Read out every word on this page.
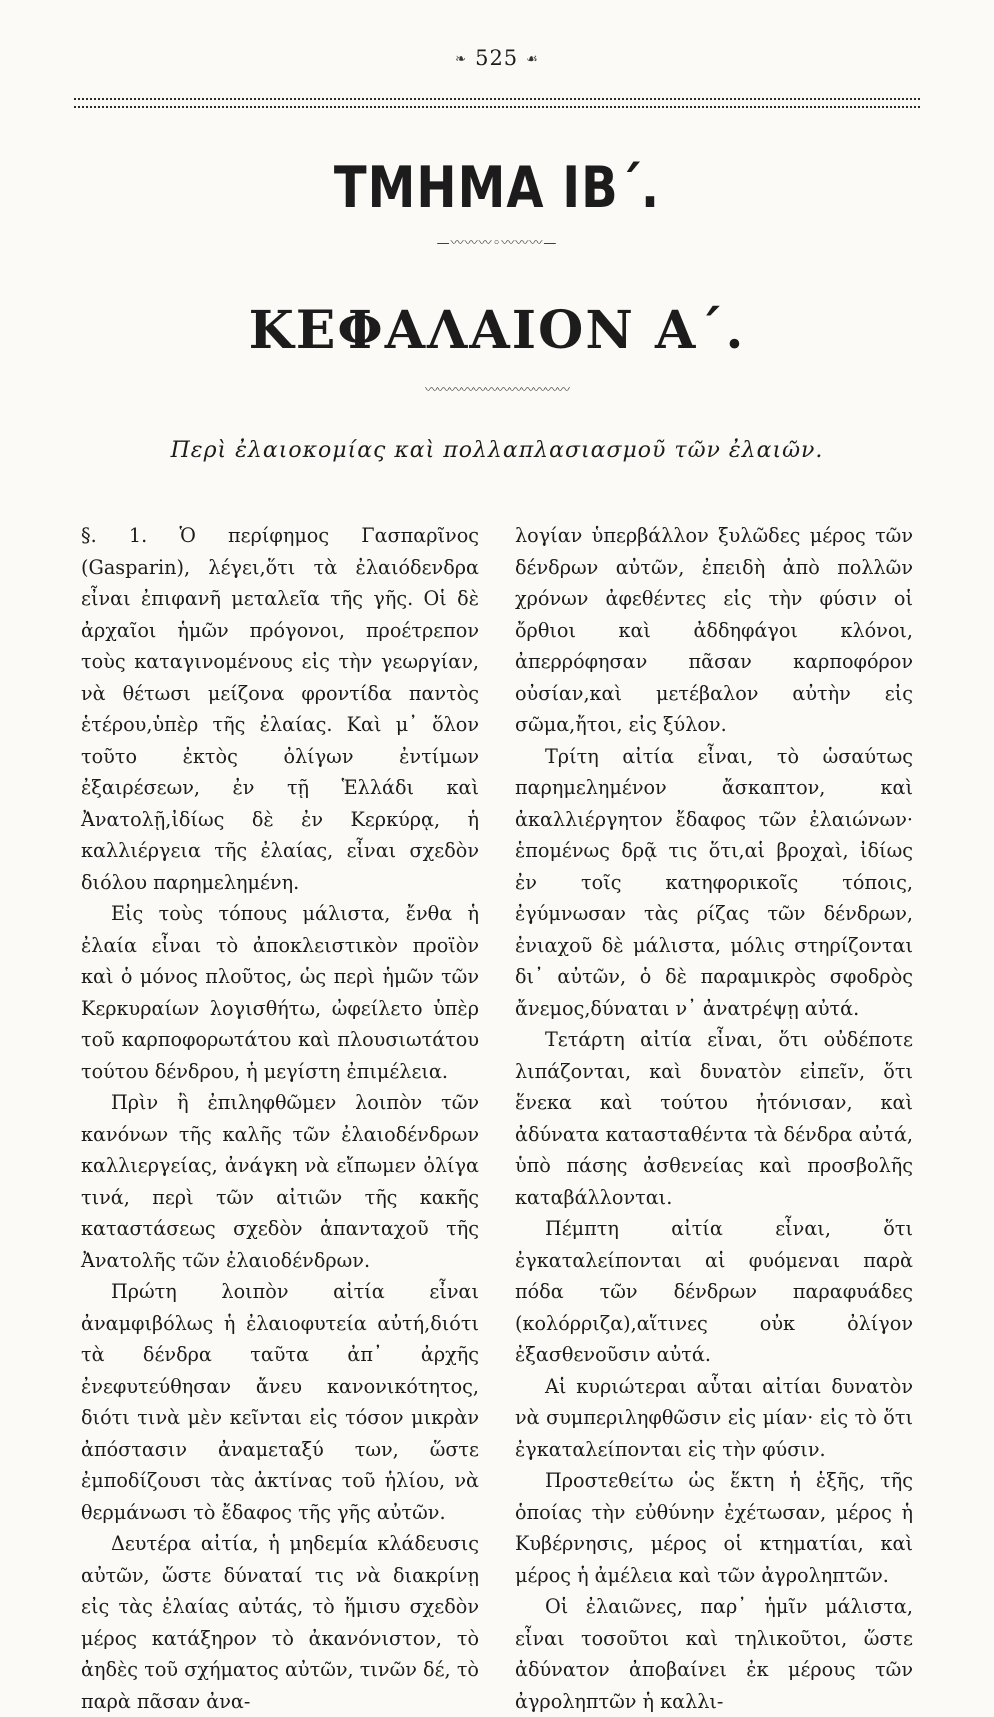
❧ 525 ☙
ΤΜΗΜΑ ΙΒ΄.
—〰〰〰◦〰〰〰—
ΚΕΦΑΛΑΙΟΝ Α΄.
〰〰〰〰〰〰〰〰〰〰〰〰
Περὶ ἐλαιοκομίας καὶ πολλαπλασιασμοῦ τῶν ἐλαιῶν.

§. 1. Ὁ περίφημος Γασπαρῖνος (Gasparin), λέγει,ὅτι τὰ ἐλαιόδενδρα εἶναι ἐπιφανῆ μεταλεῖα τῆς γῆς. Οἱ δὲ ἀρχαῖοι ἡμῶν πρόγονοι, προέτρεπον τοὺς καταγινομένους εἰς τὴν γεωργίαν, νὰ θέτωσι μείζονα φροντίδα παντὸς ἑτέρου,ὑπὲρ τῆς ἐλαίας. Καὶ μ᾽ ὅλον τοῦτο ἐκτὸς ὀλίγων ἐντίμων ἐξαιρέσεων, ἐν τῇ Ἑλλάδι καὶ Ἀνατολῇ,ἰδίως δὲ ἐν Κερκύρᾳ, ἡ καλλιέργεια τῆς ἐλαίας, εἶναι σχεδὸν διόλου παρημελημένη.

Εἰς τοὺς τόπους μάλιστα, ἔνθα ἡ ἐλαία εἶναι τὸ ἀποκλειστικὸν προϊὸν καὶ ὁ μόνος πλοῦτος, ὡς περὶ ἡμῶν τῶν Κερκυραίων λογισθήτω, ὠφείλετο ὑπὲρ τοῦ καρποφορωτάτου καὶ πλουσιωτάτου τούτου δένδρου, ἡ μεγίστη ἐπιμέλεια.

Πρὶν ἢ ἐπιληφθῶμεν λοιπὸν τῶν κανόνων τῆς καλῆς τῶν ἐλαιοδένδρων καλλιεργείας, ἀνάγκη νὰ εἴπωμεν ὀλίγα τινά, περὶ τῶν αἰτιῶν τῆς κακῆς καταστάσεως σχεδὸν ἁπανταχοῦ τῆς Ἀνατολῆς τῶν ἐλαιοδένδρων.

Πρώτη λοιπὸν αἰτία εἶναι ἀναμφιβόλως ἡ ἐλαιοφυτεία αὐτή,διότι τὰ δένδρα ταῦτα ἀπ᾽ ἀρχῆς ἐνεφυτεύθησαν ἄνευ κανονικότητος, διότι τινὰ μὲν κεῖνται εἰς τόσον μικρὰν ἀπόστασιν ἀναμεταξύ των, ὥστε ἐμποδίζουσι τὰς ἀκτίνας τοῦ ἡλίου, νὰ θερμάνωσι τὸ ἔδαφος τῆς γῆς αὐτῶν.

Δευτέρα αἰτία, ἡ μηδεμία κλάδευσις αὐτῶν, ὥστε δύναταί τις νὰ διακρίνῃ εἰς τὰς ἐλαίας αὐτάς, τὸ ἥμισυ σχεδὸν μέρος κατάξηρον τὸ ἀκανόνιστον, τὸ ἀηδὲς τοῦ σχήματος αὐτῶν, τινῶν δέ, τὸ παρὰ πᾶσαν ἀνα-

λογίαν ὑπερβάλλον ξυλῶδες μέρος τῶν δένδρων αὐτῶν, ἐπειδὴ ἀπὸ πολλῶν χρόνων ἀφεθέντες εἰς τὴν φύσιν οἱ ὄρθιοι καὶ ἀδδηφάγοι κλόνοι, ἀπερρόφησαν πᾶσαν καρποφόρον οὐσίαν,καὶ μετέβαλον αὐτὴν εἰς σῶμα,ἤτοι, εἰς ξύλον.

Τρίτη αἰτία εἶναι, τὸ ὡσαύτως παρημελημένον ἄσκαπτον, καὶ ἀκαλλιέργητον ἔδαφος τῶν ἐλαιώνων· ἑπομένως δρᾷ τις ὅτι,αἱ βροχαὶ, ἰδίως ἐν τοῖς κατηφορικοῖς τόποις, ἐγύμνωσαν τὰς ρίζας τῶν δένδρων, ἐνιαχοῦ δὲ μάλιστα, μόλις στηρίζονται δι᾽ αὐτῶν, ὁ δὲ παραμικρὸς σφοδρὸς ἄνεμος,δύναται ν᾽ ἀνατρέψῃ αὐτά.

Τετάρτη αἰτία εἶναι, ὅτι οὐδέποτε λιπάζονται, καὶ δυνατὸν εἰπεῖν, ὅτι ἕνεκα καὶ τούτου ἠτόνισαν, καὶ ἀδύνατα κατασταθέντα τὰ δένδρα αὐτά, ὑπὸ πάσης ἀσθενείας καὶ προσβολῆς καταβάλλονται.

Πέμπτη αἰτία εἶναι, ὅτι ἐγκαταλείπονται αἱ φυόμεναι παρὰ πόδα τῶν δένδρων παραφυάδες (κολόρριζα),αἵτινες οὐκ ὀλίγον ἐξασθενοῦσιν αὐτά.

Αἱ κυριώτεραι αὗται αἰτίαι δυνατὸν νὰ συμπεριληφθῶσιν εἰς μίαν· εἰς τὸ ὅτι ἐγκαταλείπονται εἰς τὴν φύσιν.

Προστεθείτω ὡς ἕκτη ἡ ἑξῆς, τῆς ὁποίας τὴν εὐθύνην ἐχέτωσαν, μέρος ἡ Κυβέρνησις, μέρος οἱ κτηματίαι, καὶ μέρος ἡ ἀμέλεια καὶ τῶν ἀγροληπτῶν.

Οἱ ἐλαιῶνες, παρ᾽ ἡμῖν μάλιστα, εἶναι τοσοῦτοι καὶ τηλικοῦτοι, ὥστε ἀδύνατον ἀποβαίνει ἐκ μέρους τῶν ἀγροληπτῶν ἡ καλλι-
